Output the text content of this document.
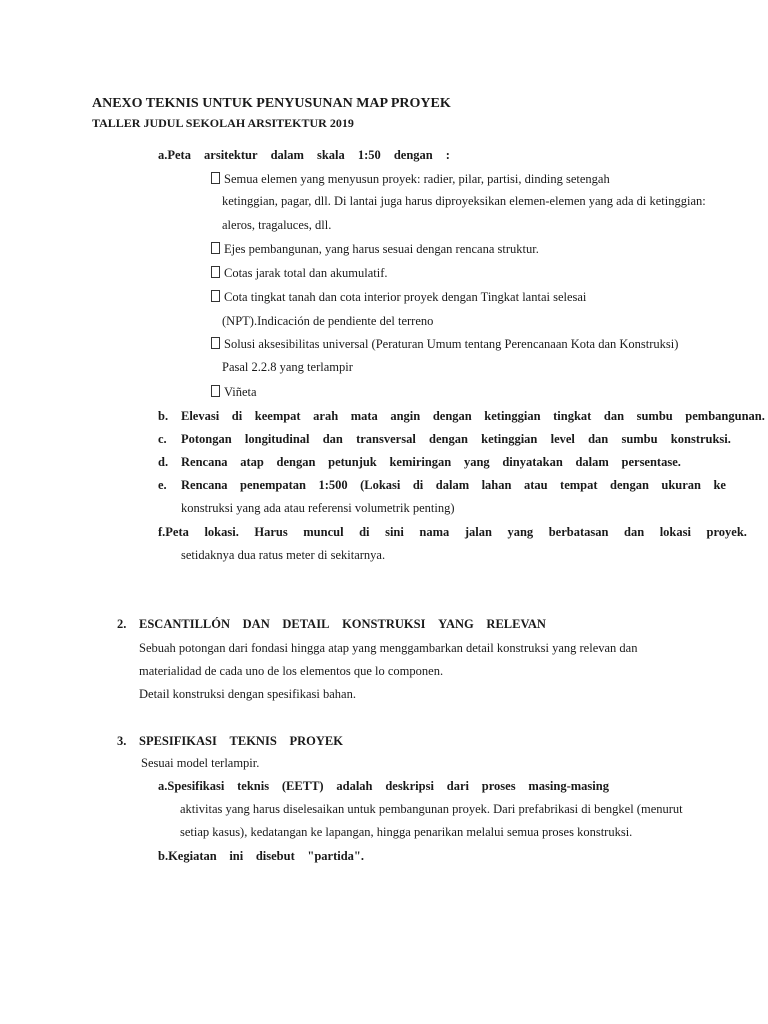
ANEXO TEKNIS UNTUK PENYUSUNAN MAP PROYEK
TALLER JUDUL SEKOLAH ARSITEKTUR 2019
a.Peta arsitektur dalam skala 1:50 dengan :
Semua elemen yang menyusun proyek: radier, pilar, partisi, dinding setengah
ketinggian, pagar, dll. Di lantai juga harus diproyeksikan elemen-elemen yang ada di ketinggian:
aleros, tragaluces, dll.
Ejes pembangunan, yang harus sesuai dengan rencana struktur.
Cotas jarak total dan akumulatif.
Cota tingkat tanah dan cota interior proyek dengan Tingkat lantai selesai
(NPT).Indicación de pendiente del terreno
Solusi aksesibilitas universal (Peraturan Umum tentang Perencanaan Kota dan Konstruksi)
Pasal 2.2.8 yang terlampir
Viñeta
b. Elevasi di keempat arah mata angin dengan ketinggian tingkat dan sumbu pembangunan.
c. Potongan longitudinal dan transversal dengan ketinggian level dan sumbu konstruksi.
d. Rencana atap dengan petunjuk kemiringan yang dinyatakan dalam persentase.
e. Rencana penempatan 1:500 (Lokasi di dalam lahan atau tempat dengan ukuran ke
konstruksi yang ada atau referensi volumetrik penting)
f.Peta lokasi. Harus muncul di sini nama jalan yang berbatasan dan lokasi proyek.
setidaknya dua ratus meter di sekitarnya.
2. ESCANTILLÓN DAN DETAIL KONSTRUKSI YANG RELEVAN
Sebuah potongan dari fondasi hingga atap yang menggambarkan detail konstruksi yang relevan dan
materialidad de cada uno de los elementos que lo componen.
Detail konstruksi dengan spesifikasi bahan.
3. SPESIFIKASI TEKNIS PROYEK
Sesuai model terlampir.
a.Spesifikasi teknis (EETT) adalah deskripsi dari proses masing-masing
aktivitas yang harus diselesaikan untuk pembangunan proyek. Dari prefabrikasi di bengkel (menurut
setiap kasus), kedatangan ke lapangan, hingga penarikan melalui semua proses konstruksi.
b.Kegiatan ini disebut "partida".
